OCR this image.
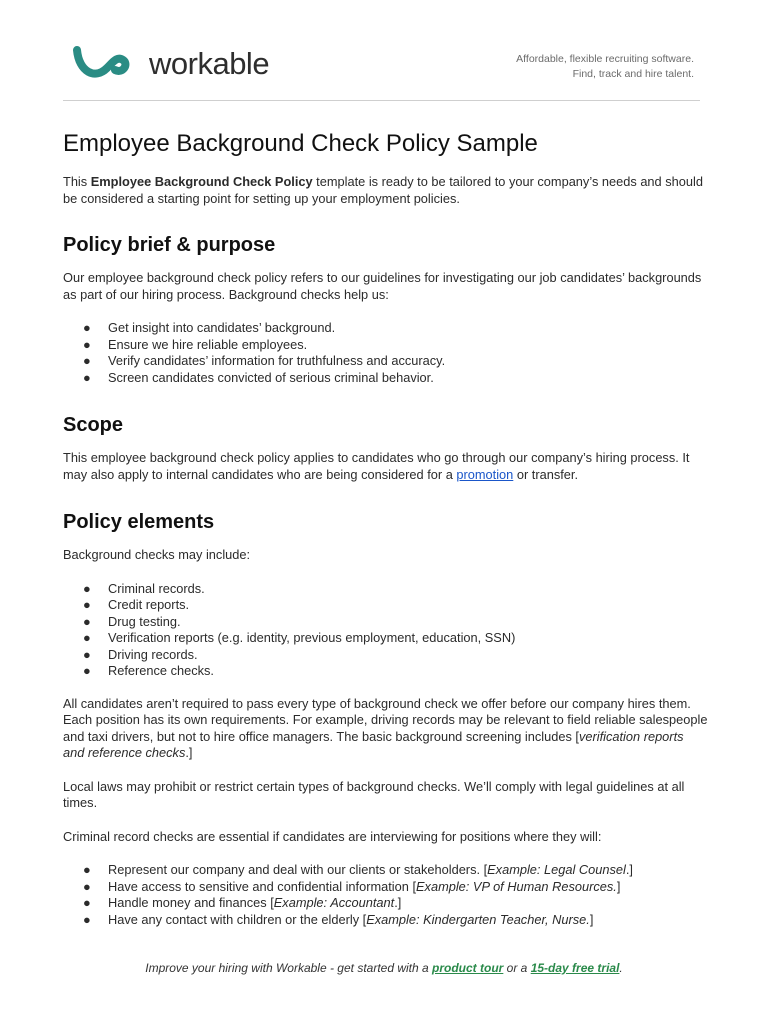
workable	Affordable, flexible recruiting software.
Find, track and hire talent.
Employee Background Check Policy Sample

This Employee Background Check Policy template is ready to be tailored to your company’s needs and should be considered a starting point for setting up your employment policies.

Policy brief & purpose

Our employee background check policy refers to our guidelines for investigating our job candidates’ backgrounds as part of our hiring process. Background checks help us:

● Get insight into candidates’ background.
● Ensure we hire reliable employees.
● Verify candidates’ information for truthfulness and accuracy.
● Screen candidates convicted of serious criminal behavior.
Scope

This employee background check policy applies to candidates who go through our company’s hiring process. It may also apply to internal candidates who are being considered for a promotion or transfer.

Policy elements

Background checks may include:

● Criminal records.
● Credit reports.
● Drug testing.
● Verification reports (e.g. identity, previous employment, education, SSN)
● Driving records.
● Reference checks.

All candidates aren’t required to pass every type of background check we offer before our company hires them. Each position has its own requirements. For example, driving records may be relevant to field reliable salespeople and taxi drivers, but not to hire office managers. The basic background screening includes [verification reports and reference checks.]

Local laws may prohibit or restrict certain types of background checks. We’ll comply with legal guidelines at all times.

Criminal record checks are essential if candidates are interviewing for positions where they will:

● Represent our company and deal with our clients or stakeholders. [Example: Legal Counsel.]
● Have access to sensitive and confidential information [Example: VP of Human Resources.]
● Handle money and finances [Example: Accountant.]
● Have any contact with children or the elderly [Example: Kindergarten Teacher, Nurse.]
Improve your hiring with Workable - get started with a product tour or a 15-day free trial.
